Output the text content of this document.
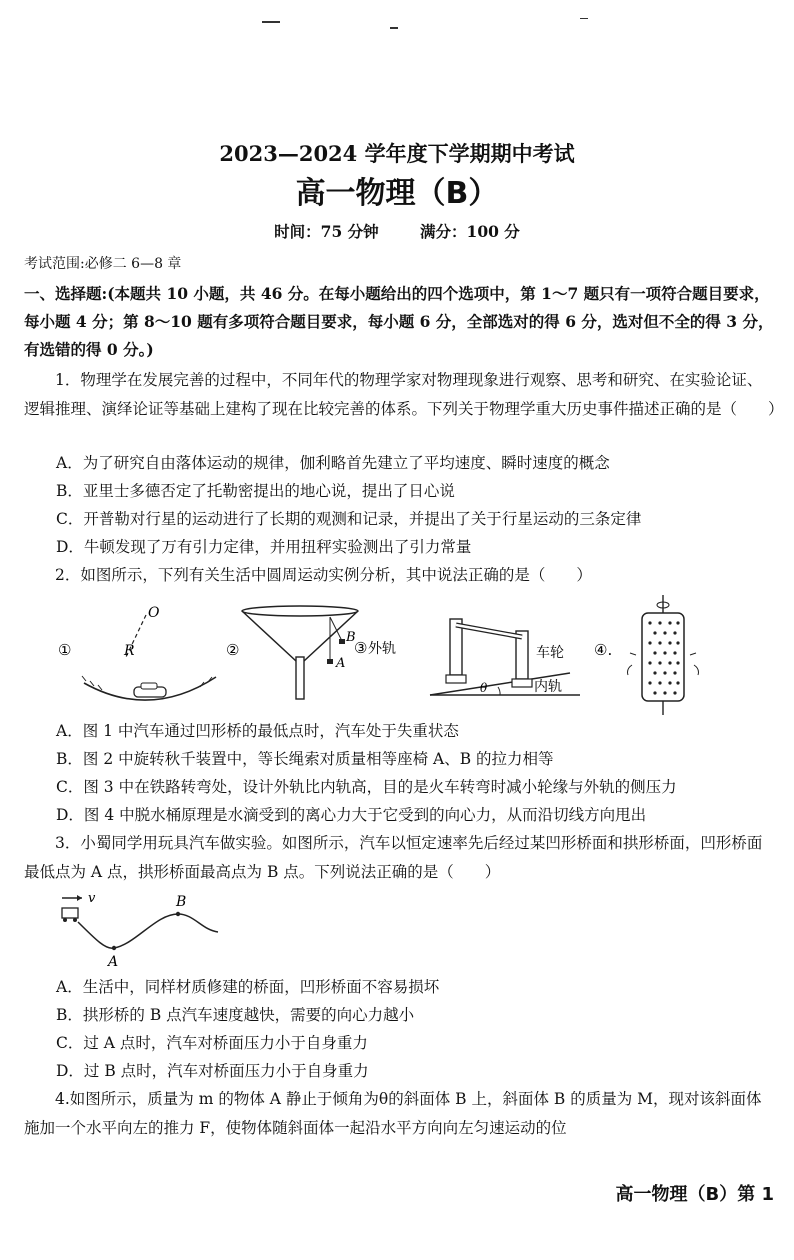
2023—2024 学年度下学期期中考试
高一物理（B）
时间：75 分钟	满分：100 分
考试范围:必修二 6—8 章
一、选择题:(本题共 10 小题，共 46 分。在每小题给出的四个选项中，第 1～7 题只有一项符合题目要求，每小题 4 分；第 8～10 题有多项符合题目要求，每小题 6 分，全部选对的得 6 分，选对但不全的得 3 分，有选错的得 0 分。)
1．物理学在发展完善的过程中，不同年代的物理学家对物理现象进行观察、思考和研究、在实验论证、逻辑推理、演绎论证等基础上建构了现在比较完善的体系。下列关于物理学重大历史事件描述正确的是（　　）
A．为了研究自由落体运动的规律，伽利略首先建立了平均速度、瞬时速度的概念
B．亚里士多德否定了托勒密提出的地心说，提出了日心说
C．开普勒对行星的运动进行了长期的观测和记录，并提出了关于行星运动的三条定律
D．牛顿发现了万有引力定律，并用扭秤实验测出了引力常量
2．如图所示，下列有关生活中圆周运动实例分析，其中说法正确的是（　　）
①
O
R	②
B
A
③ 外轨
θ
车轮
内轨
④.
A．图 1 中汽车通过凹形桥的最低点时，汽车处于失重状态
B．图 2 中旋转秋千装置中，等长绳索对质量相等座椅 A、B 的拉力相等
C．图 3 中在铁路转弯处，设计外轨比内轨高，目的是火车转弯时减小轮缘与外轨的侧压力
D．图 4 中脱水桶原理是水滴受到的离心力大于它受到的向心力，从而沿切线方向甩出
3．小蜀同学用玩具汽车做实验。如图所示，汽车以恒定速率先后经过某凹形桥面和拱形桥面，凹形桥面最低点为 A 点，拱形桥面最高点为 B 点。下列说法正确的是（　　）
v
A
B
A．生活中，同样材质修建的桥面，凹形桥面不容易损坏
B．拱形桥的 B 点汽车速度越快，需要的向心力越小
C．过 A 点时，汽车对桥面压力小于自身重力
D．过 B 点时，汽车对桥面压力小于自身重力
4.如图所示，质量为 m 的物体 A 静止于倾角为θ的斜面体 B 上，斜面体 B 的质量为 M，现对该斜面体施加一个水平向左的推力 F，使物体随斜面体一起沿水平方向向左匀速运动的位
高一物理（B）第 1
